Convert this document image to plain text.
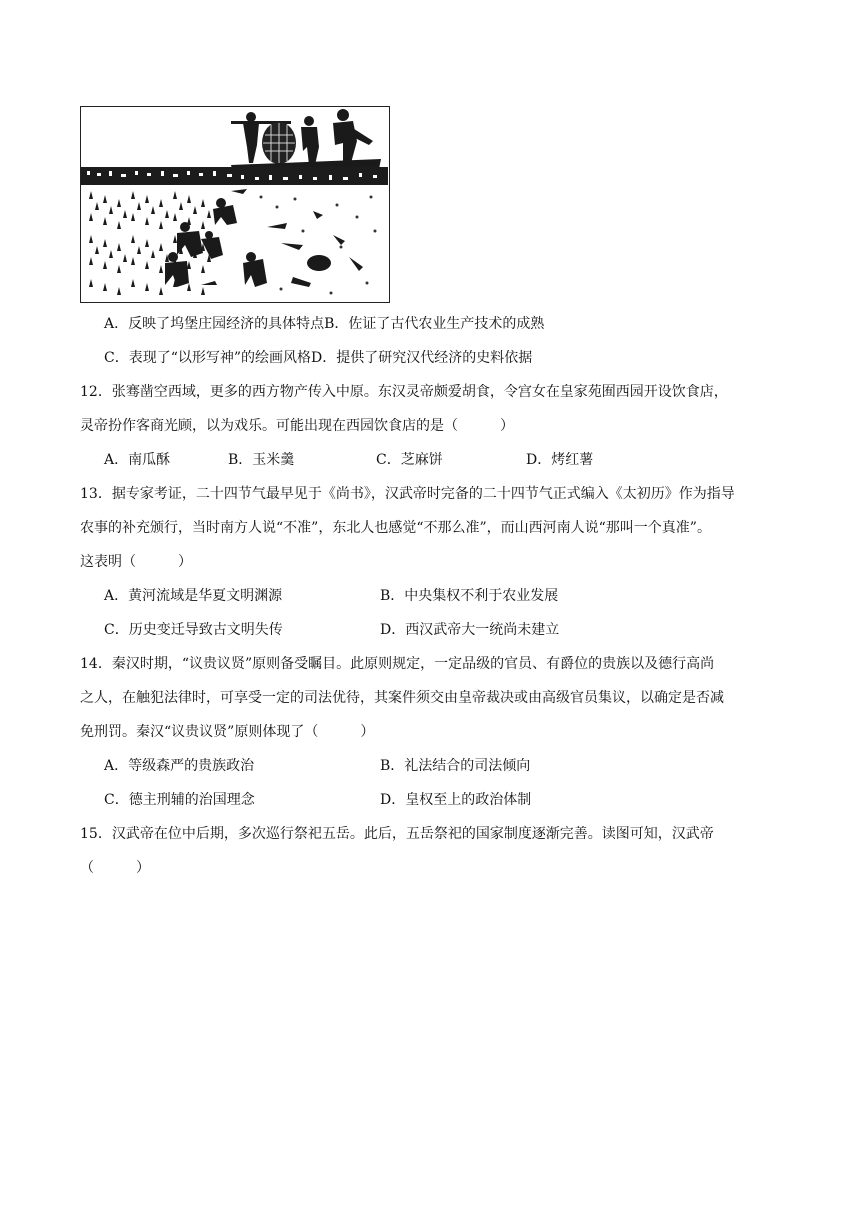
A．反映了坞堡庄园经济的具体特点B．佐证了古代农业生产技术的成熟
C．表现了“以形写神”的绘画风格D．提供了研究汉代经济的史料依据
12．张骞凿空西域，更多的西方物产传入中原。东汉灵帝颇爱胡食，令宫女在皇家苑囿西园开设饮食店，
灵帝扮作客商光顾，以为戏乐。可能出现在西园饮食店的是（　　　）
A．南瓜酥	B．玉米羹	C．芝麻饼	D．烤红薯
13．据专家考证，二十四节气最早见于《尚书》，汉武帝时完备的二十四节气正式编入《太初历》作为指导
农事的补充颁行，当时南方人说“不准”，东北人也感觉“不那么准”，而山西河南人说“那叫一个真准”。
这表明（　　　）
A．黄河流域是华夏文明渊源	B．中央集权不利于农业发展
C．历史变迁导致古文明失传	D．西汉武帝大一统尚未建立
14．秦汉时期，“议贵议贤”原则备受瞩目。此原则规定，一定品级的官员、有爵位的贵族以及德行高尚
之人，在触犯法律时，可享受一定的司法优待，其案件须交由皇帝裁决或由高级官员集议，以确定是否减
免刑罚。秦汉“议贵议贤”原则体现了（　　　）
A．等级森严的贵族政治	B．礼法结合的司法倾向
C．德主刑辅的治国理念	D．皇权至上的政治体制
15．汉武帝在位中后期，多次巡行祭祀五岳。此后，五岳祭祀的国家制度逐渐完善。读图可知，汉武帝
（　　　）
